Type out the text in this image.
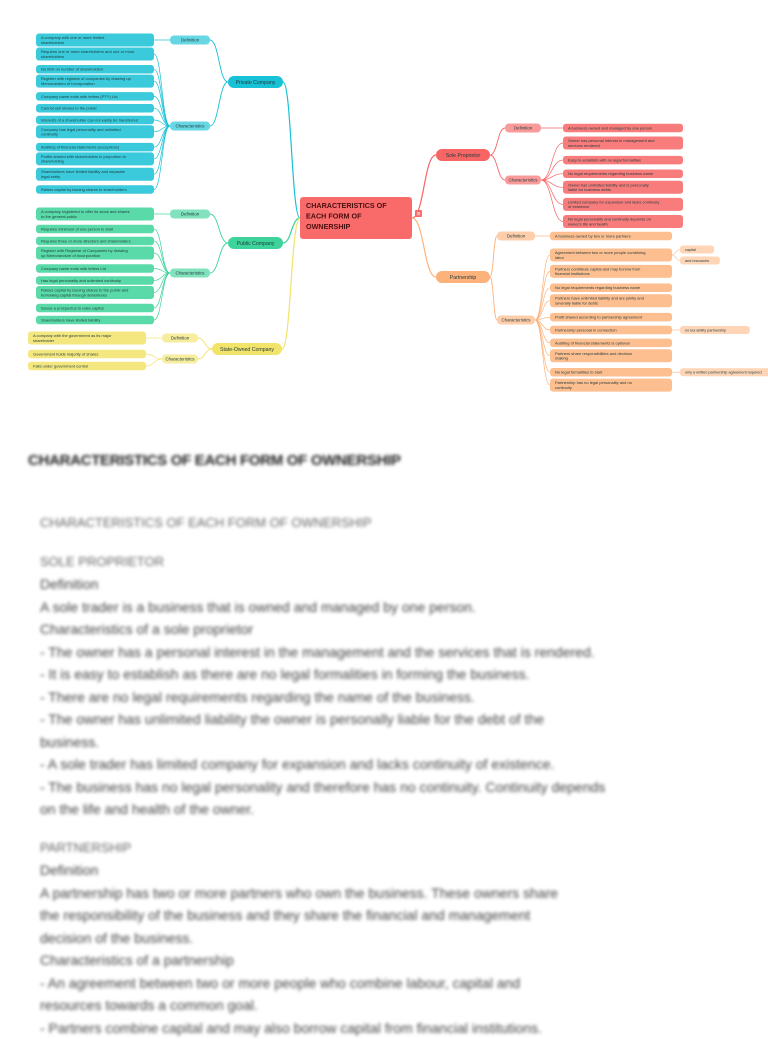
Private Company
Definition
A company with one or more limited
shareholders
Characteristics
Requires one or more shareholders and one or more
shareholders
No limit on number of shareholders
Register with registrar of companies by drawing up
Memorandum of Incorporation
Company name ends with letters (PTY) Ltd
Cannot sell shares to the public
Interests of a shareholder can not easily be transferred
Company has legal personality and unlimited
continuity
Auditing of financial statements (exceptions)
Profits shared with shareholders in proportion to
shareholding
Shareholders have limited liability and separate
legal entity
Raises capital by issuing shares to shareholders
Public Company
Definition
A company registered to offer its stock and shares
to the general public
Characteristics
Requires minimum of one person to start
Requires three or more directors and shareholders
Register with Registrar of Companies by drawing
up Memorandum of Incorporation
Company name ends with letters Ltd
Has legal personality and unlimited continuity
Raises capital by issuing shares to the public and
borrowing capital through debentures
Issues a prospectus to raise capital
Shareholders have limited liability
State-Owned Company
Definition
A company with the government as its major
shareholder
Characteristics
Government holds majority of shares
Falls under government control
Sole Proprietor
Definition	A business owned and managed by one person
Characteristics
Owner has personal interest in management and
services rendered
Easy to establish with no legal formalities
No legal requirements regarding business name
Owner has unlimited liability and is personally
liable for business debts
Limited company for expansion and lacks continuity
of existence
No legal personality and continuity depends on
owner's life and health
Partnership
Definition	A business owned by two or more partners
Characteristics
Agreement between two or more people combining
labor
Partners contribute capital and may borrow from
financial institutions
No legal requirements regarding business name
Partners have unlimited liability and are jointly and
severally liable for debts
Profit shared according to partnership agreement
Partnership personal in connection
Auditing of financial statements is optional
Partners share responsibilities and decision
making
No legal formalities to start
Partnership has no legal personality and no
continuity
capital
and resources
no tax ability partnership
only a written partnership agreement required
CHARACTERISTICS OF
EACH FORM OF
OWNERSHIP
≡
CHARACTERISTICS OF EACH FORM OF OWNERSHIP

CHARACTERISTICS OF EACH FORM OF OWNERSHIP

SOLE PROPRIETOR

Definition

A sole trader is a business that is owned and managed by one person.

Characteristics of a sole proprietor

- The owner has a personal interest in the management and the services that is rendered.

- It is easy to establish as there are no legal formalities in forming the business.

- There are no legal requirements regarding the name of the business.

- The owner has unlimited liability the owner is personally liable for the debt of the

business.

- A sole trader has limited company for expansion and lacks continuity of existence.

- The business has no legal personality and therefore has no continuity. Continuity depends

on the life and health of the owner.

PARTNERSHIP

Definition

A partnership has two or more partners who own the business. These owners share

the responsibility of the business and they share the financial and management

decision of the business.

Characteristics of a partnership

- An agreement between two or more people who combine labour, capital and

resources towards a common goal.

- Partners combine capital and may also borrow capital from financial institutions.
